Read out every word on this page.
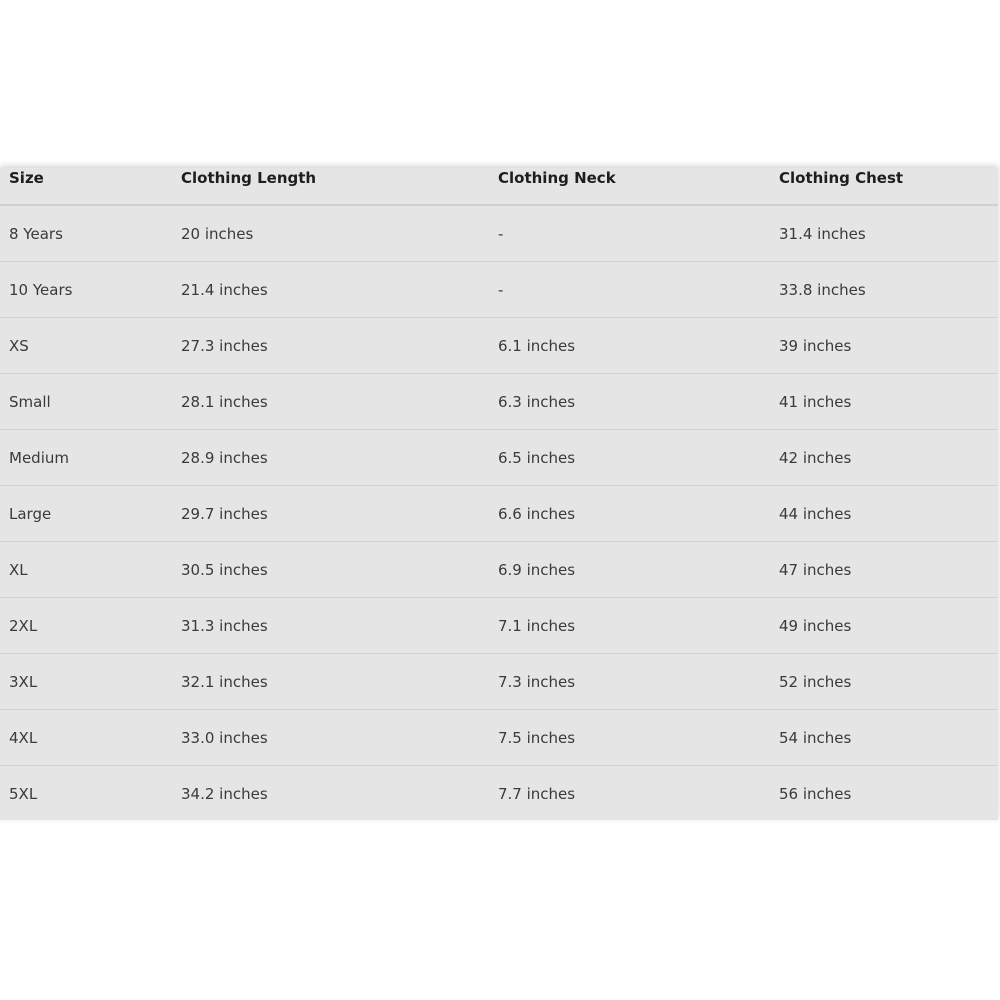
Size	Clothing Length	Clothing Neck	Clothing Chest
8 Years	20 inches	-	31.4 inches
10 Years	21.4 inches	-	33.8 inches
XS	27.3 inches	6.1 inches	39 inches
Small	28.1 inches	6.3 inches	41 inches
Medium	28.9 inches	6.5 inches	42 inches
Large	29.7 inches	6.6 inches	44 inches
XL	30.5 inches	6.9 inches	47 inches
2XL	31.3 inches	7.1 inches	49 inches
3XL	32.1 inches	7.3 inches	52 inches
4XL	33.0 inches	7.5 inches	54 inches
5XL	34.2 inches	7.7 inches	56 inches
